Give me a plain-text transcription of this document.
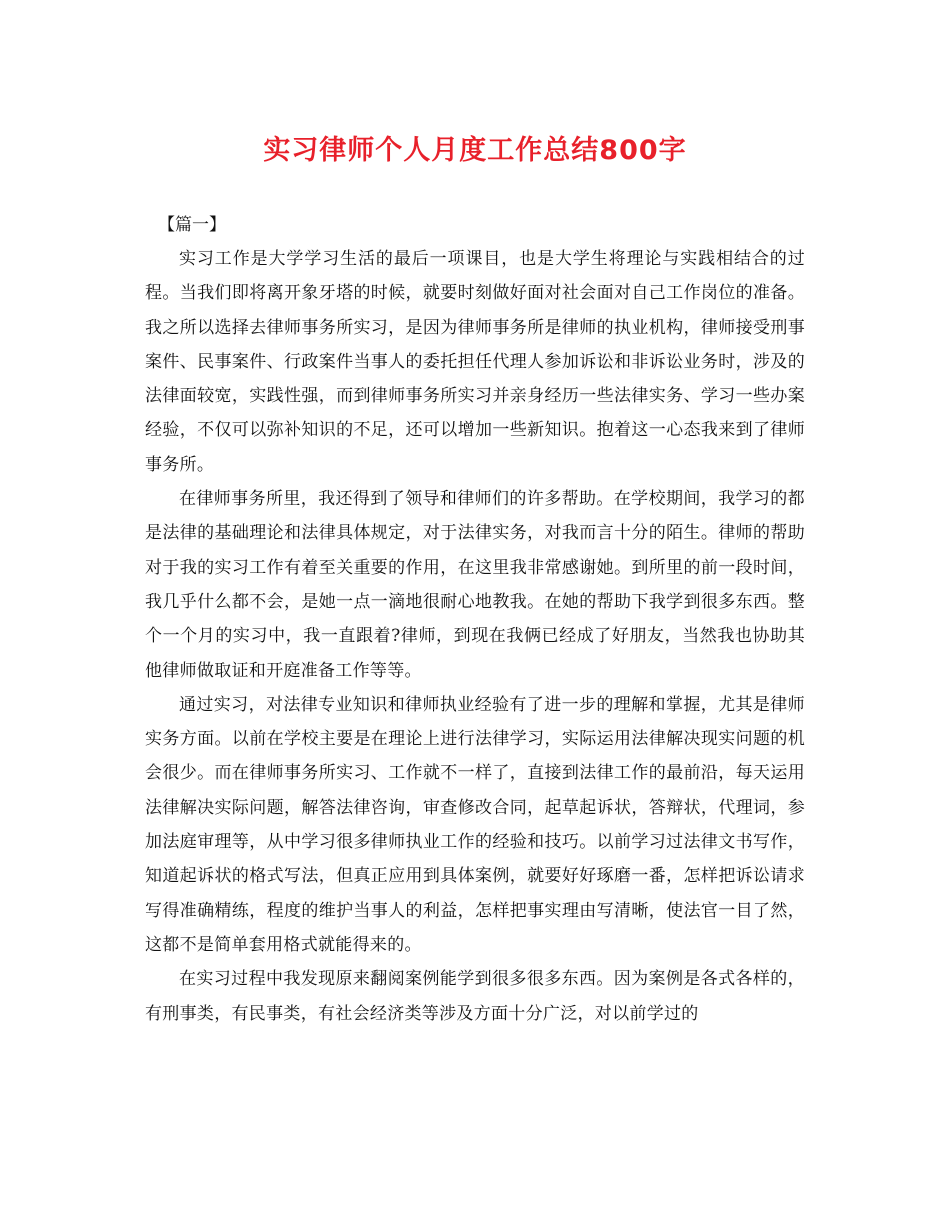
实习律师个人月度工作总结800字

【篇一】

实习工作是大学学习生活的最后一项课目，也是大学生将理论与实践相结合的过程。当我们即将离开象牙塔的时候，就要时刻做好面对社会面对自己工作岗位的准备。我之所以选择去律师事务所实习，是因为律师事务所是律师的执业机构，律师接受刑事案件、民事案件、行政案件当事人的委托担任代理人参加诉讼和非诉讼业务时，涉及的法律面较宽，实践性强，而到律师事务所实习并亲身经历一些法律实务、学习一些办案经验，不仅可以弥补知识的不足，还可以增加一些新知识。抱着这一心态我来到了律师事务所。

在律师事务所里，我还得到了领导和律师们的许多帮助。在学校期间，我学习的都是法律的基础理论和法律具体规定，对于法律实务，对我而言十分的陌生。律师的帮助对于我的实习工作有着至关重要的作用，在这里我非常感谢她。到所里的前一段时间，我几乎什么都不会，是她一点一滴地很耐心地教我。在她的帮助下我学到很多东西。整个一个月的实习中，我一直跟着?律师，到现在我俩已经成了好朋友，当然我也协助其他律师做取证和开庭准备工作等等。

通过实习，对法律专业知识和律师执业经验有了进一步的理解和掌握，尤其是律师实务方面。以前在学校主要是在理论上进行法律学习，实际运用法律解决现实问题的机会很少。而在律师事务所实习、工作就不一样了，直接到法律工作的最前沿，每天运用法律解决实际问题，解答法律咨询，审查修改合同，起草起诉状，答辩状，代理词，参加法庭审理等，从中学习很多律师执业工作的经验和技巧。以前学习过法律文书写作，知道起诉状的格式写法，但真正应用到具体案例，就要好好琢磨一番，怎样把诉讼请求写得准确精练，程度的维护当事人的利益，怎样把事实理由写清晰，使法官一目了然，这都不是简单套用格式就能得来的。

在实习过程中我发现原来翻阅案例能学到很多很多东西。因为案例是各式各样的，有刑事类，有民事类，有社会经济类等涉及方面十分广泛，对以前学过的
